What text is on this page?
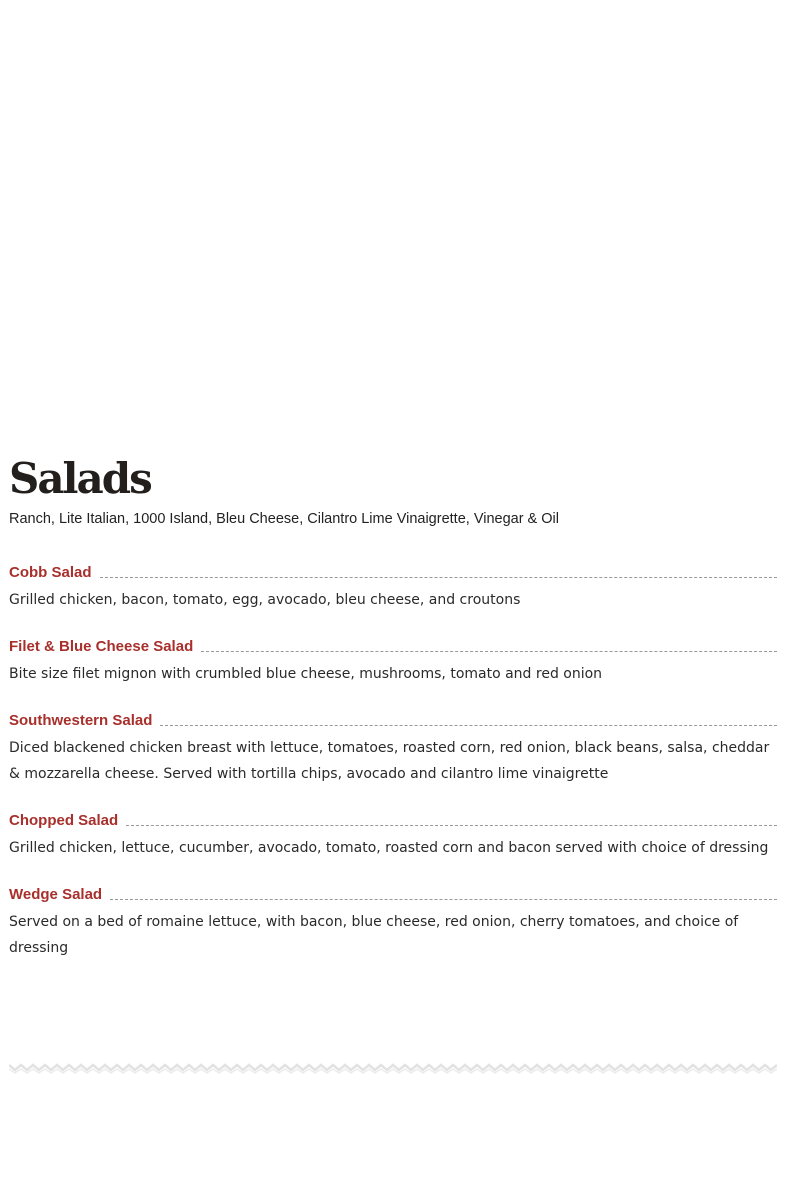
Salads

Ranch, Lite Italian, 1000 Island, Bleu Cheese, Cilantro Lime Vinaigrette, Vinegar & Oil

Cobb Salad

Grilled chicken, bacon, tomato, egg, avocado, bleu cheese, and croutons

Filet & Blue Cheese Salad

Bite size filet mignon with crumbled blue cheese, mushrooms, tomato and red onion

Southwestern Salad

Diced blackened chicken breast with lettuce, tomatoes, roasted corn, red onion, black beans, salsa, cheddar & mozzarella cheese. Served with tortilla chips, avocado and cilantro lime vinaigrette

Chopped Salad

Grilled chicken, lettuce, cucumber, avocado, tomato, roasted corn and bacon served with choice of dressing

Wedge Salad

Served on a bed of romaine lettuce, with bacon, blue cheese, red onion, cherry tomatoes, and choice of dressing
